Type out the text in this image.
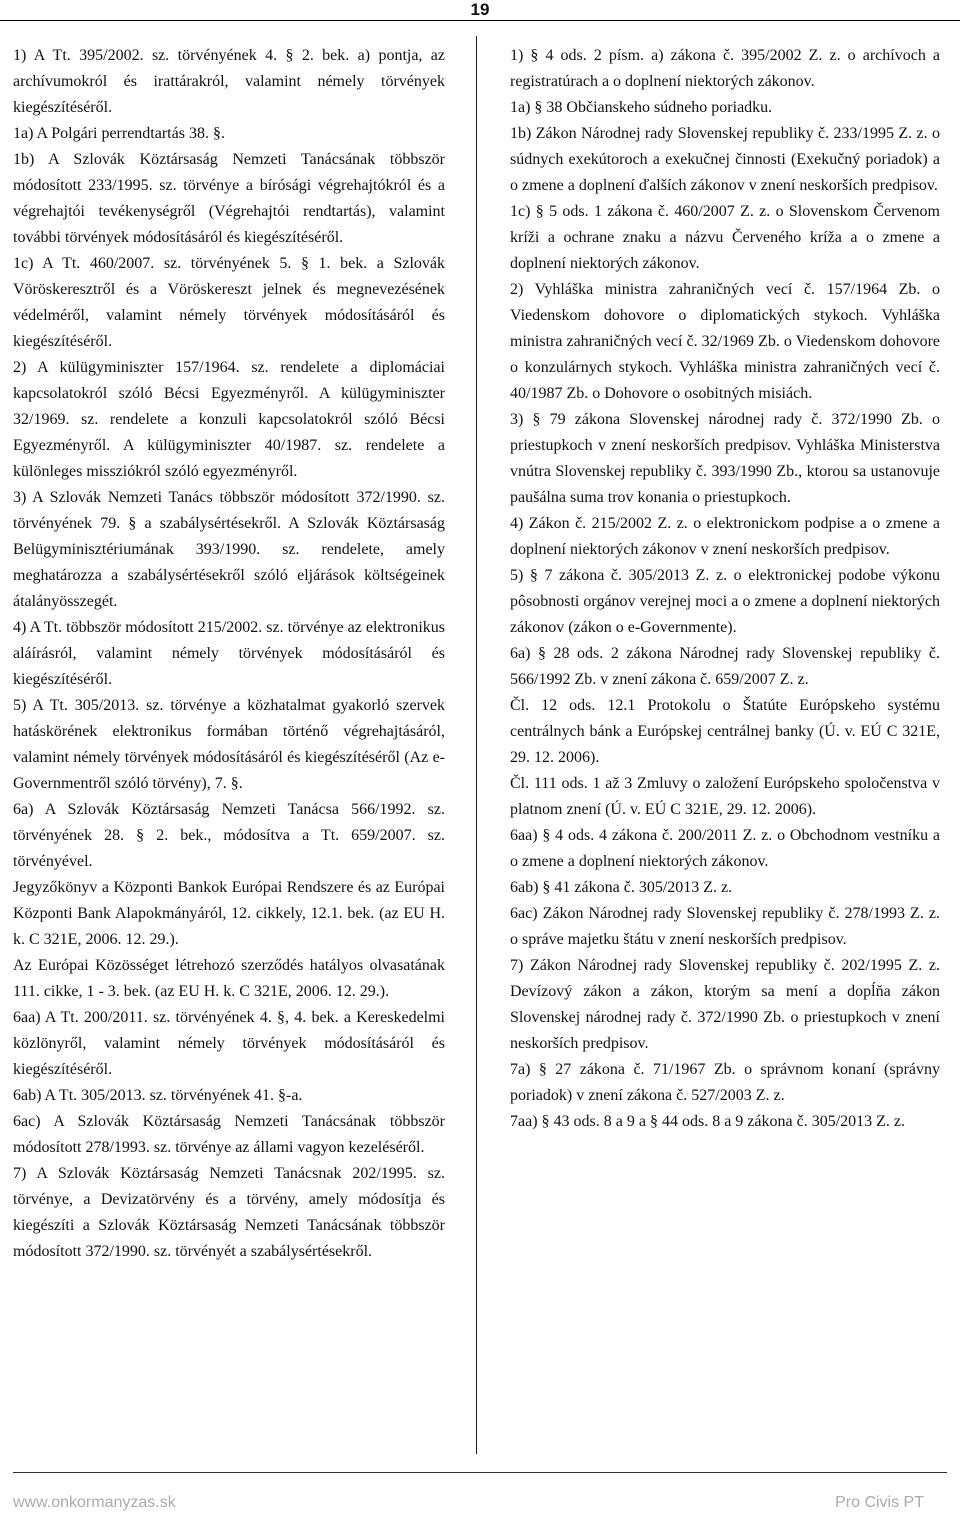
19

1) A Tt. 395/2002. sz. törvényének 4. § 2. bek. a) pontja, az archívumokról és irattárakról, valamint némely törvények kiegészítéséről.

1a) A Polgári perrendtartás 38. §.

1b) A Szlovák Köztársaság Nemzeti Tanácsának többször módosított 233/1995. sz. törvénye a bírósági végrehajtókról és a végrehajtói tevékenységről (Végrehajtói rendtartás), valamint további törvények módosításáról és kiegészítéséről.

1c) A Tt. 460/2007. sz. törvényének 5. § 1. bek. a Szlovák Vöröskeresztről és a Vöröskereszt jelnek és megnevezésének védelméről, valamint némely törvények módosításáról és kiegészítéséről.

2) A külügyminiszter 157/1964. sz. rendelete a diplomáciai kapcsolatokról szóló Bécsi Egyezményről. A külügyminiszter 32/1969. sz. rendelete a konzuli kapcsolatokról szóló Bécsi Egyezményről. A külügyminiszter 40/1987. sz. rendelete a különleges missziókról szóló egyezményről.

3) A Szlovák Nemzeti Tanács többször módosított 372/1990. sz. törvényének 79. § a szabálysértésekről. A Szlovák Köztársaság Belügyminisztériumának 393/1990. sz. rendelete, amely meghatározza a szabálysértésekről szóló eljárások költségeinek átalányösszegét.

4) A Tt. többször módosított 215/2002. sz. törvénye az elektronikus aláírásról, valamint némely törvények módosításáról és kiegészítéséről.

5) A Tt. 305/2013. sz. törvénye a közhatalmat gyakorló szervek hatáskörének elektronikus formában történő végrehajtásáról, valamint némely törvények módosításáról és kiegészítéséről (Az e-Governmentről szóló törvény), 7. §.

6a) A Szlovák Köztársaság Nemzeti Tanácsa 566/1992. sz. törvényének 28. § 2. bek., módosítva a Tt. 659/2007. sz. törvényével.

Jegyzőkönyv a Központi Bankok Európai Rendszere és az Európai Központi Bank Alapokmányáról, 12. cikkely, 12.1. bek. (az EU H. k. C 321E, 2006. 12. 29.).

Az Európai Közösséget létrehozó szerződés hatályos olvasatának 111. cikke, 1 - 3. bek. (az EU H. k. C 321E, 2006. 12. 29.).

6aa) A Tt. 200/2011. sz. törvényének 4. §, 4. bek. a Kereskedelmi közlönyről, valamint némely törvények módosításáról és kiegészítéséről.

6ab) A Tt. 305/2013. sz. törvényének 41. §-a.

6ac) A Szlovák Köztársaság Nemzeti Tanácsának többször módosított 278/1993. sz. törvénye az állami vagyon kezeléséről.

7) A Szlovák Köztársaság Nemzeti Tanácsnak 202/1995. sz. törvénye, a Devizatörvény és a törvény, amely módosítja és kiegészíti a Szlovák Köztársaság Nemzeti Tanácsának többször módosított 372/1990. sz. törvényét a szabálysértésekről.

1) § 4 ods. 2 písm. a) zákona č. 395/2002 Z. z. o archívoch a registratúrach a o doplnení niektorých zákonov.

1a) § 38 Občianskeho súdneho poriadku.

1b) Zákon Národnej rady Slovenskej republiky č. 233/1995 Z. z. o súdnych exekútoroch a exekučnej činnosti (Exekučný poriadok) a o zmene a doplnení ďalších zákonov v znení neskorších predpisov.

1c) § 5 ods. 1 zákona č. 460/2007 Z. z. o Slovenskom Červenom kríži a ochrane znaku a názvu Červeného kríža a o zmene a doplnení niektorých zákonov.

2) Vyhláška ministra zahraničných vecí č. 157/1964 Zb. o Viedenskom dohovore o diplomatických stykoch. Vyhláška ministra zahraničných vecí č. 32/1969 Zb. o Viedenskom dohovore o konzulárnych stykoch. Vyhláška ministra zahraničných vecí č. 40/1987 Zb. o Dohovore o osobitných misiách.

3) § 79 zákona Slovenskej národnej rady č. 372/1990 Zb. o priestupkoch v znení neskorších predpisov. Vyhláška Ministerstva vnútra Slovenskej republiky č. 393/1990 Zb., ktorou sa ustanovuje paušálna suma trov konania o priestupkoch.

4) Zákon č. 215/2002 Z. z. o elektronickom podpise a o zmene a doplnení niektorých zákonov v znení neskorších predpisov.

5) § 7 zákona č. 305/2013 Z. z. o elektronickej podobe výkonu pôsobnosti orgánov verejnej moci a o zmene a doplnení niektorých zákonov (zákon o e-Governmente).

6a) § 28 ods. 2 zákona Národnej rady Slovenskej republiky č. 566/1992 Zb. v znení zákona č. 659/2007 Z. z.

Čl. 12 ods. 12.1 Protokolu o Štatúte Európskeho systému centrálnych bánk a Európskej centrálnej banky (Ú. v. EÚ C 321E, 29. 12. 2006).

Čl. 111 ods. 1 až 3 Zmluvy o založení Európskeho spoločenstva v platnom znení (Ú. v. EÚ C 321E, 29. 12. 2006).

6aa) § 4 ods. 4 zákona č. 200/2011 Z. z. o Obchodnom vestníku a o zmene a doplnení niektorých zákonov.

6ab) § 41 zákona č. 305/2013 Z. z.

6ac) Zákon Národnej rady Slovenskej republiky č. 278/1993 Z. z. o správe majetku štátu v znení neskorších predpisov.

7) Zákon Národnej rady Slovenskej republiky č. 202/1995 Z. z. Devízový zákon a zákon, ktorým sa mení a dopĺňa zákon Slovenskej národnej rady č. 372/1990 Zb. o priestupkoch v znení neskorších predpisov.

7a) § 27 zákona č. 71/1967 Zb. o správnom konaní (správny poriadok) v znení zákona č. 527/2003 Z. z.

7aa) § 43 ods. 8 a 9 a § 44 ods. 8 a 9 zákona č. 305/2013 Z. z.

www.onkormanyzas.sk	Pro Civis PT
